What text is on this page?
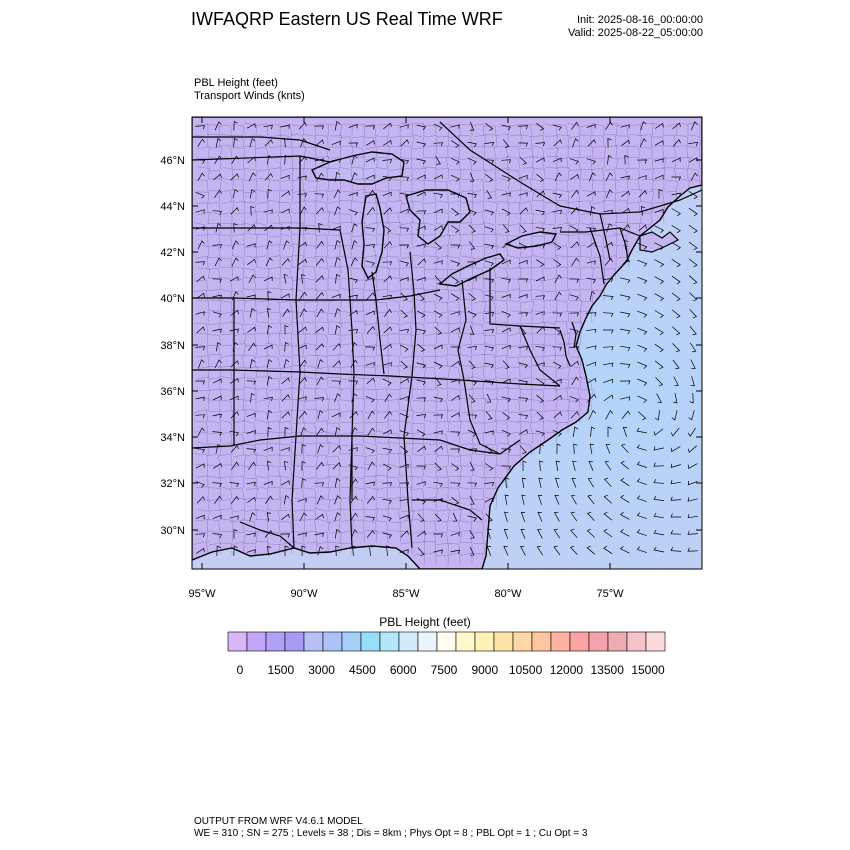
IWFAQRP Eastern US Real Time WRF	Init: 2025-08-16_00:00:00
Valid: 2025-08-22_05:00:00
PBL Height (feet)
Transport Winds (knts)
46°N
44°N
42°N
40°N
38°N
36°N
34°N
32°N
30°N
95°W	90°W	85°W	80°W	75°W
0 1500 3000 4500 6000 7500 9000 10500 12000 13500 15000
PBL Height (feet)
OUTPUT FROM WRF V4.6.1 MODEL
WE = 310 ; SN = 275 ; Levels = 38 ; Dis = 8km ; Phys Opt = 8 ; PBL Opt = 1 ; Cu Opt = 3
